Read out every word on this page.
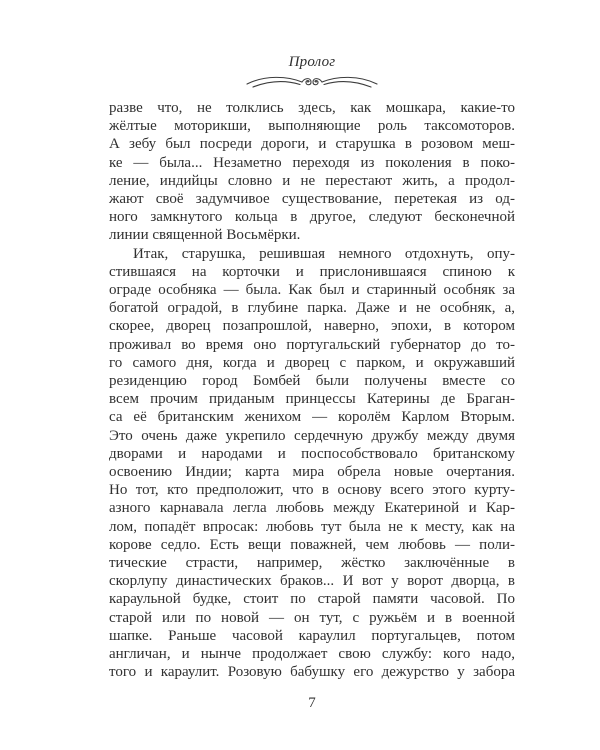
Пролог
разве что, не толклись здесь, как мошкара, какие-то
жёлтые моторикши, выполняющие роль таксомоторов.
А зебу был посреди дороги, и старушка в розовом меш-
ке — была... Незаметно переходя из поколения в поко-
ление, индийцы словно и не перестают жить, а продол-
жают своё задумчивое существование, перетекая из од-
ного замкнутого кольца в другое, следуют бесконечной
линии священной Восьмёрки.
Итак, старушка, решившая немного отдохнуть, опу-
стившаяся на корточки и прислонившаяся спиною к
ограде особняка — была. Как был и старинный особняк за
богатой оградой, в глубине парка. Даже и не особняк, а,
скорее, дворец позапрошлой, наверно, эпохи, в котором
проживал во время оно португальский губернатор до то-
го самого дня, когда и дворец с парком, и окружавший
резиденцию город Бомбей были получены вместе со
всем прочим приданым принцессы Катерины де Браган-
са её британским женихом — королём Карлом Вторым.
Это очень даже укрепило сердечную дружбу между двумя
дворами и народами и поспособствовало британскому
освоению Индии; карта мира обрела новые очертания.
Но тот, кто предположит, что в основу всего этого курту-
азного карнавала легла любовь между Екатериной и Кар-
лом, попадёт впросак: любовь тут была не к месту, как на
корове седло. Есть вещи поважней, чем любовь — поли-
тические страсти, например, жёстко заключённые в
скорлупу династических браков... И вот у ворот дворца, в
караульной будке, стоит по старой памяти часовой. По
старой или по новой — он тут, с ружьём и в военной
шапке. Раньше часовой караулил португальцев, потом
англичан, и нынче продолжает свою службу: кого надо,
того и караулит. Розовую бабушку его дежурство у забора
7
